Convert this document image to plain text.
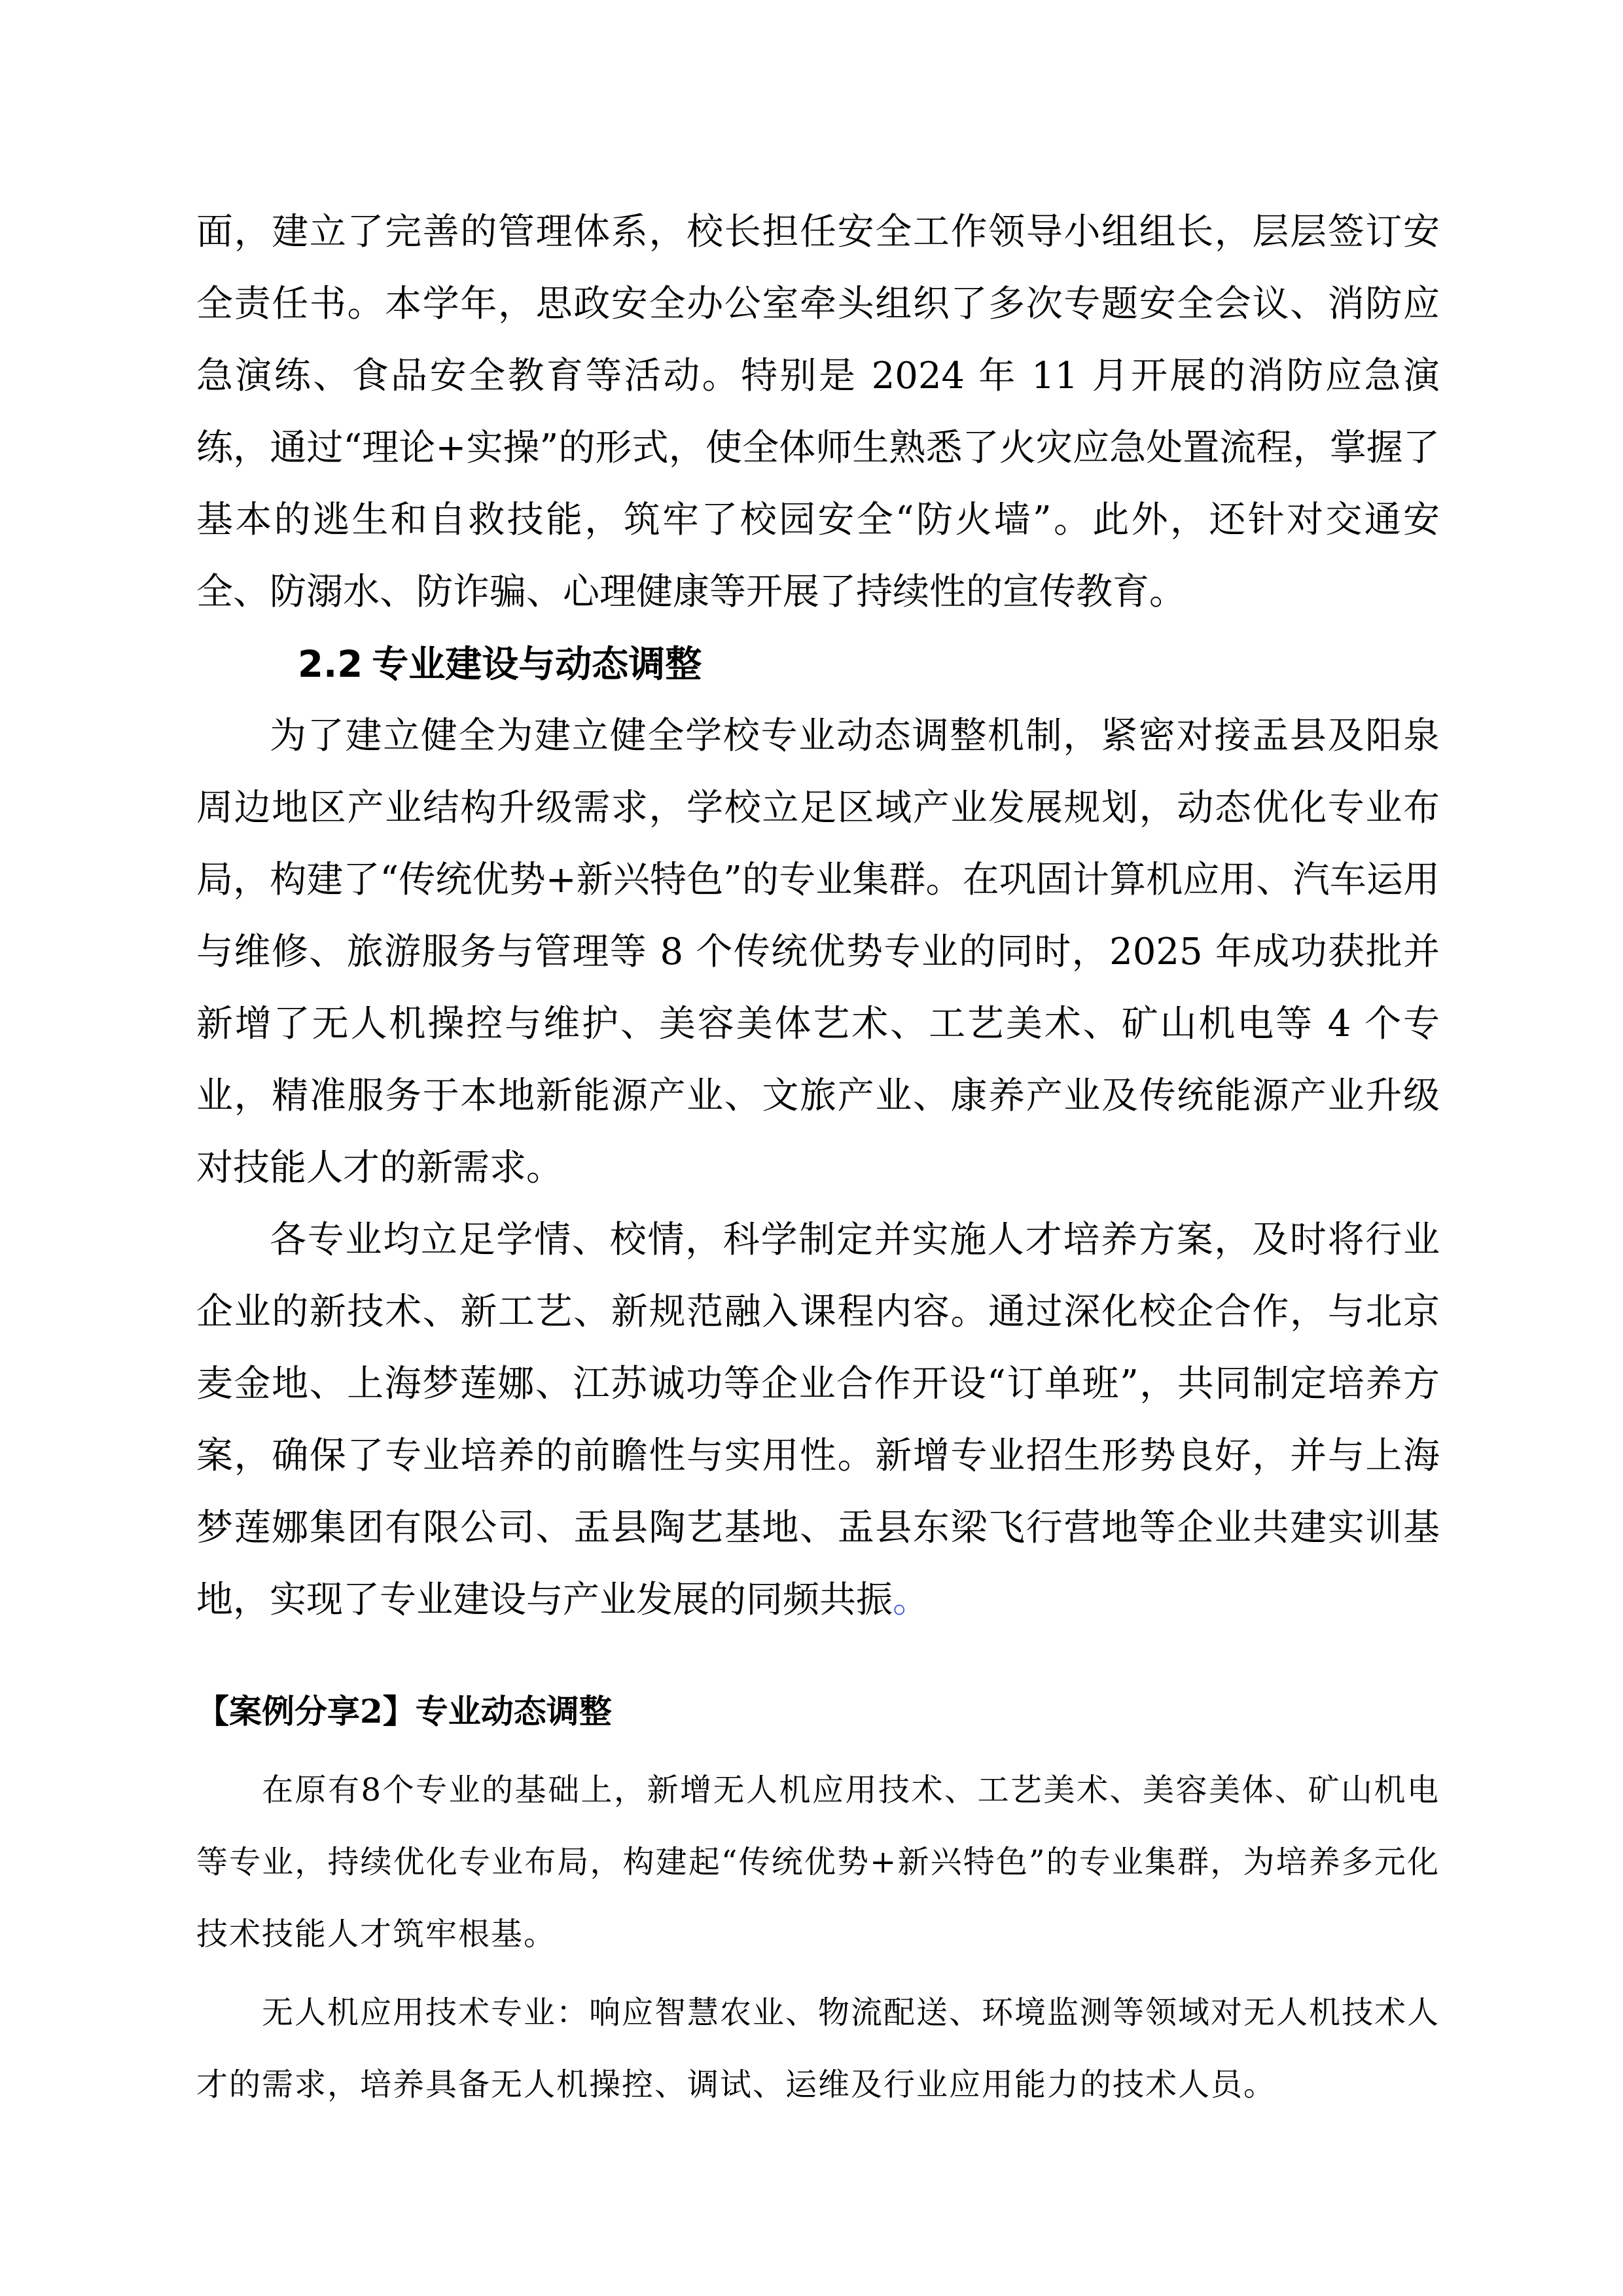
面，建立了完善的管理体系，校长担任安全工作领导小组组长，层层签订安全责任书。本学年，思政安全办公室牵头组织了多次专题安全会议、消防应急演练、食品安全教育等活动。特别是 2024 年 11 月开展的消防应急演练，通过“理论+实操”的形式，使全体师生熟悉了火灾应急处置流程，掌握了基本的逃生和自救技能，筑牢了校园安全“防火墙”。此外，还针对交通安全、防溺水、防诈骗、心理健康等开展了持续性的宣传教育。

2.2 专业建设与动态调整

为了建立健全为建立健全学校专业动态调整机制，紧密对接盂县及阳泉周边地区产业结构升级需求，学校立足区域产业发展规划，动态优化专业布局，构建了“传统优势+新兴特色”的专业集群。在巩固计算机应用、汽车运用与维修、旅游服务与管理等 8 个传统优势专业的同时，2025 年成功获批并新增了无人机操控与维护、美容美体艺术、工艺美术、矿山机电等 4 个专业，精准服务于本地新能源产业、文旅产业、康养产业及传统能源产业升级对技能人才的新需求。

各专业均立足学情、校情，科学制定并实施人才培养方案，及时将行业企业的新技术、新工艺、新规范融入课程内容。通过深化校企合作，与北京麦金地、上海梦莲娜、江苏诚功等企业合作开设“订单班”，共同制定培养方案，确保了专业培养的前瞻性与实用性。新增专业招生形势良好，并与上海梦莲娜集团有限公司、盂县陶艺基地、盂县东梁飞行营地等企业共建实训基地，实现了专业建设与产业发展的同频共振。

【案例分享2】专业动态调整

在原有8个专业的基础上，新增无人机应用技术、工艺美术、美容美体、矿山机电等专业，持续优化专业布局，构建起“传统优势+新兴特色”的专业集群，为培养多元化技术技能人才筑牢根基。

无人机应用技术专业：响应智慧农业、物流配送、环境监测等领域对无人机技术人才的需求，培养具备无人机操控、调试、运维及行业应用能力的技术人员。
